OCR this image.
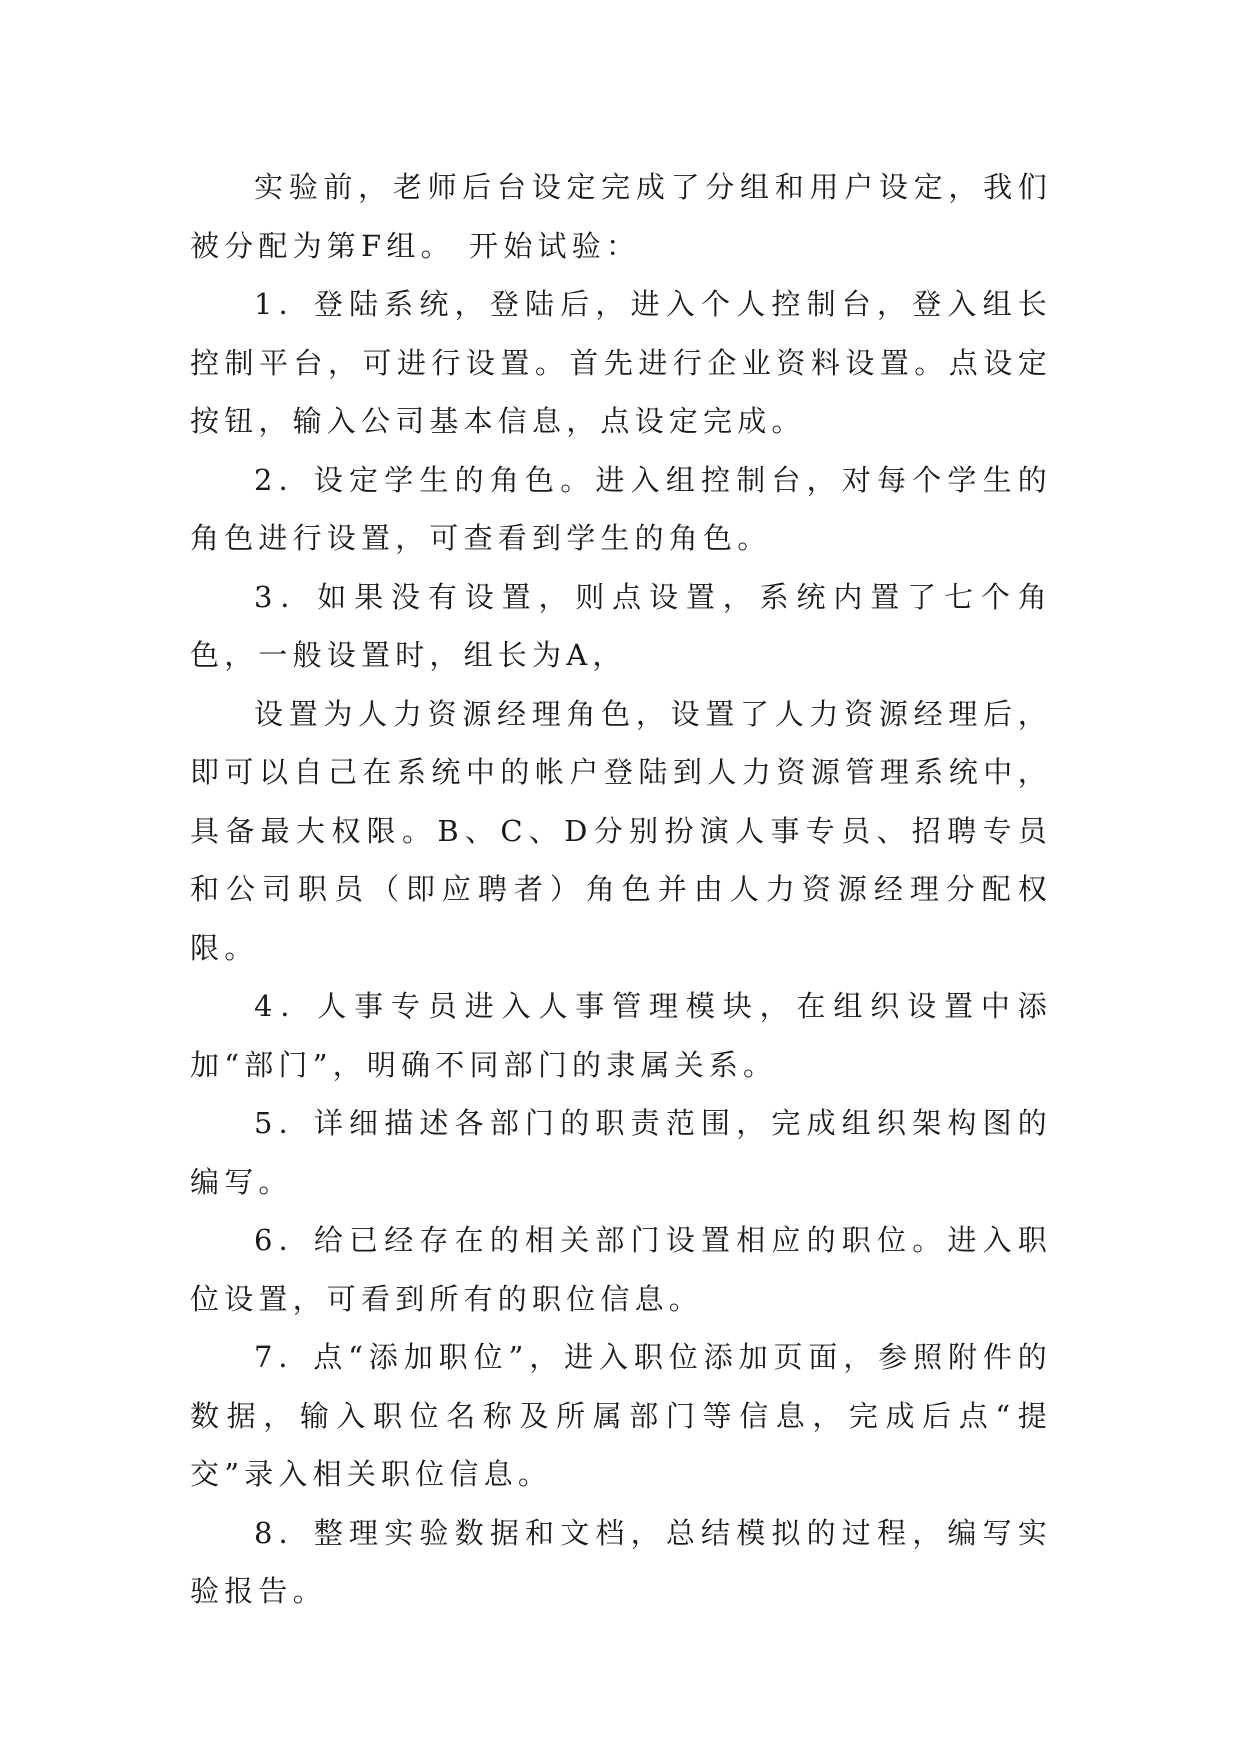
实验前，老师后台设定完成了分组和用户设定，我们被分配为第F组。 开始试验：

1．登陆系统，登陆后，进入个人控制台，登入组长控制平台，可进行设置。首先进行企业资料设置。点设定按钮，输入公司基本信息，点设定完成。

2．设定学生的角色。进入组控制台，对每个学生的角色进行设置，可查看到学生的角色。

3．如果没有设置，则点设置，系统内置了七个角色，一般设置时，组长为A，

设置为人力资源经理角色，设置了人力资源经理后，即可以自己在系统中的帐户登陆到人力资源管理系统中，具备最大权限。B、C、D分别扮演人事专员、招聘专员和公司职员（即应聘者）角色并由人力资源经理分配权限。

4．人事专员进入人事管理模块，在组织设置中添加“部门”，明确不同部门的隶属关系。

5．详细描述各部门的职责范围，完成组织架构图的编写。

6．给已经存在的相关部门设置相应的职位。进入职位设置，可看到所有的职位信息。

7．点“添加职位”，进入职位添加页面，参照附件的数据，输入职位名称及所属部门等信息，完成后点“提交”录入相关职位信息。

8．整理实验数据和文档，总结模拟的过程，编写实验报告。
